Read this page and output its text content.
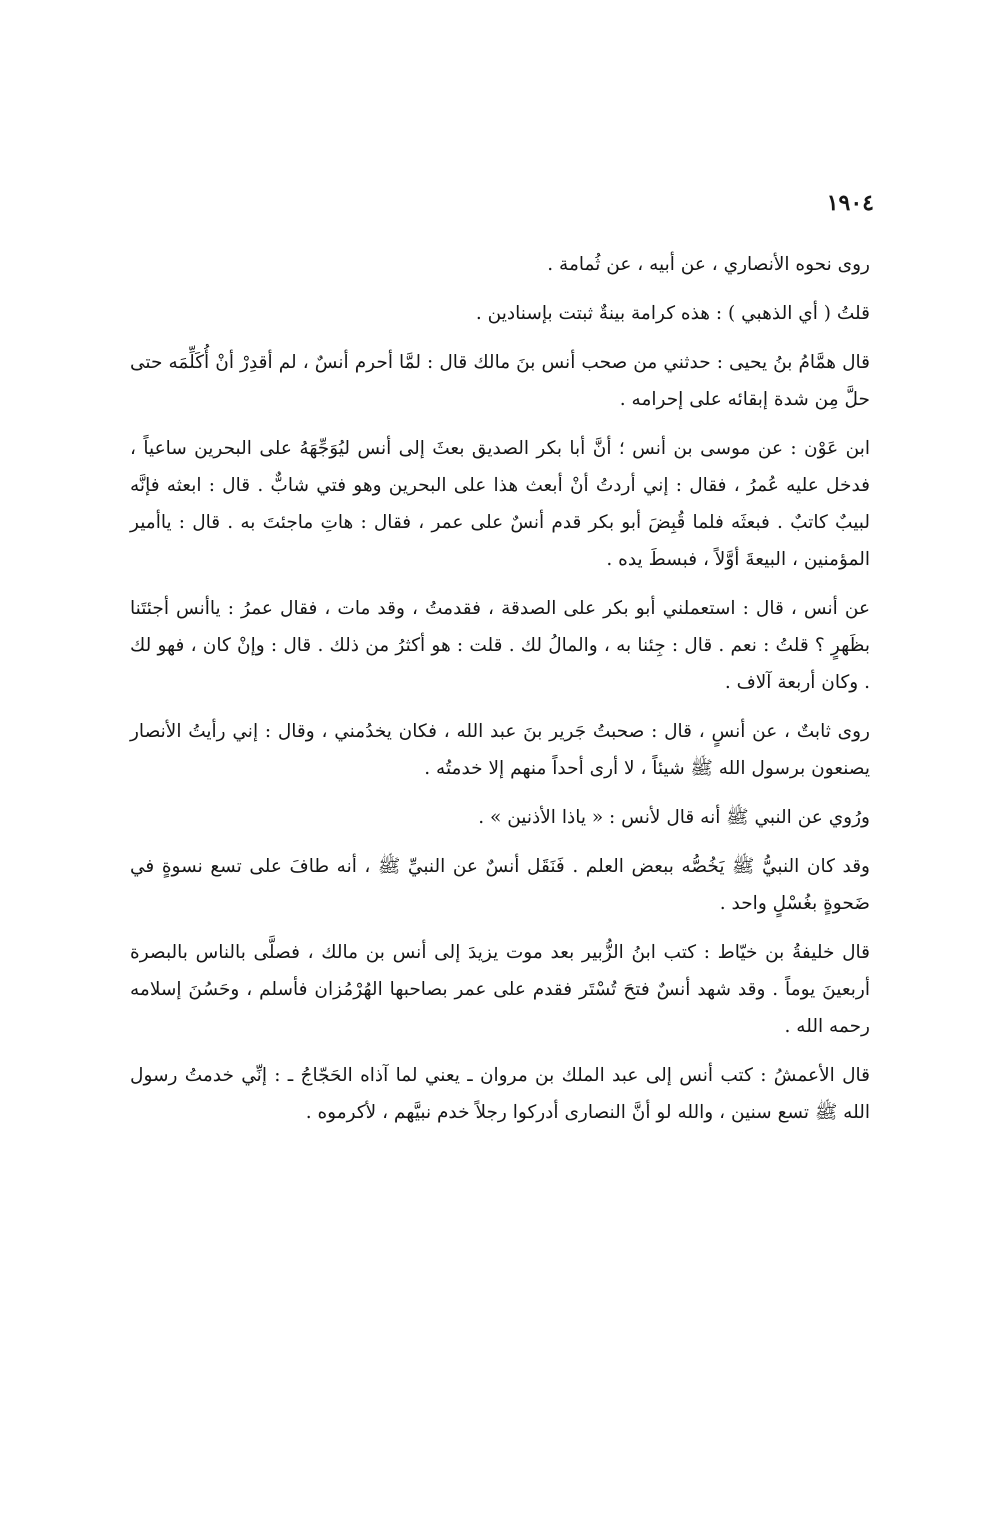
١٩٠٤

روى نحوه الأنصاري ، عن أبيه ، عن ثُمامة .

قلتُ ( أي الذهبي ) : هذه كرامة بينةٌ ثبتت بإسنادين .

قال همَّامُ بنُ يحيى : حدثني من صحب أنس بنَ مالك قال : لمَّا أحرم أنسٌ ، لم أقدِرْ أنْ أُكَلِّمَه حتى حلَّ مِن شدة إبقائه على إحرامه .

ابن عَوْن : عن موسى بن أنس ؛ أنَّ أبا بكر الصديق بعثَ إلى أنس ليُوَجِّهَهُ على البحرين ساعياً ، فدخل عليه عُمرُ ، فقال : إني أردتُ أنْ أبعث هذا على البحرين وهو فتي شابٌّ . قال : ابعثه فإنَّه لبيبٌ كاتبٌ . فبعثَه فلما قُبِضَ أبو بكر قدم أنسٌ على عمر ، فقال : هاتِ ماجئتَ به . قال : ياأمير المؤمنين ، البيعةَ أوَّلاً ، فبسطَ يده .

عن أنس ، قال : استعملني أبو بكر على الصدقة ، فقدمتُ ، وقد مات ، فقال عمرُ : ياأنس أجئتَنا بظَهرٍ ؟ قلتُ : نعم . قال : جِئنا به ، والمالُ لك . قلت : هو أكثرُ من ذلك . قال : وإنْ كان ، فهو لك . وكان أربعة آلاف .

روى ثابتٌ ، عن أنسٍ ، قال : صحبتُ جَرير بنَ عبد الله ، فكان يخدُمني ، وقال : إني رأيتُ الأنصار يصنعون برسول الله ﷺ شيئاً ، لا أرى أحداً منهم إلا خدمتُه .

ورُوي عن النبي ﷺ أنه قال لأنس : « ياذا الأذنين » .

وقد كان النبيُّ ﷺ يَخُصُّه ببعض العلم . فَنَقَل أنسٌ عن النبيِّ ﷺ ، أنه طافَ على تسع نسوةٍ في ضَحوةٍ بغُسْلٍ واحد .

قال خليفةُ بن خيّاط : كتب ابنُ الزُّبير بعد موت يزيدَ إلى أنس بن مالك ، فصلَّى بالناس بالبصرة أربعينَ يوماً . وقد شهد أنسٌ فتحَ تُسْتَر فقدم على عمر بصاحبها الهُرْمُزان فأسلم ، وحَسُنَ إسلامه رحمه الله .

قال الأعمشُ : كتب أنس إلى عبد الملك بن مروان ـ يعني لما آذاه الحَجّاجُ ـ : إنِّي خدمتُ رسول الله ﷺ تسع سنين ، والله لو أنَّ النصارى أدركوا رجلاً خدم نبيَّهم ، لأكرموه .
